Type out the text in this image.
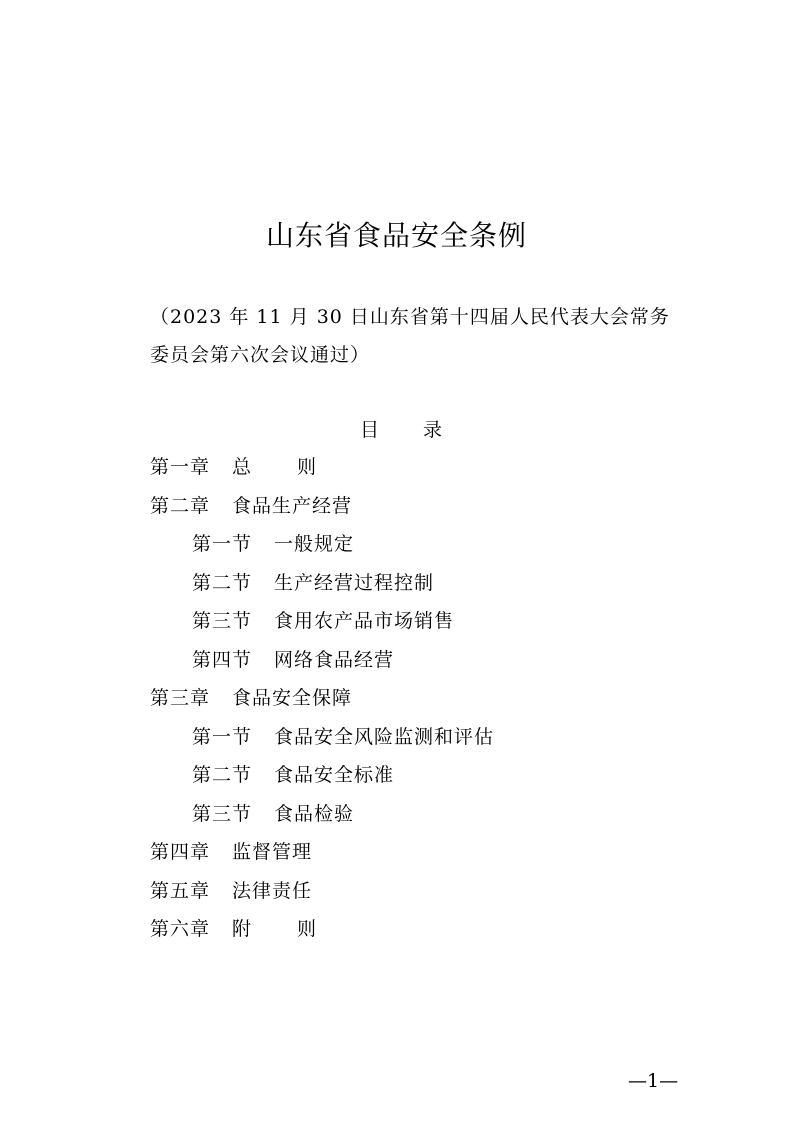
山东省食品安全条例
（2023 年 11 月 30 日山东省第十四届人民代表大会常务
委员会第六次会议通过）
目 录
第一章 总则
第二章 食品生产经营
第一节 一般规定
第二节 生产经营过程控制
第三节 食用农产品市场销售
第四节 网络食品经营
第三章 食品安全保障
第一节 食品安全风险监测和评估
第二节 食品安全标准
第三节 食品检验
第四章 监督管理
第五章 法律责任
第六章 附则
—1—
